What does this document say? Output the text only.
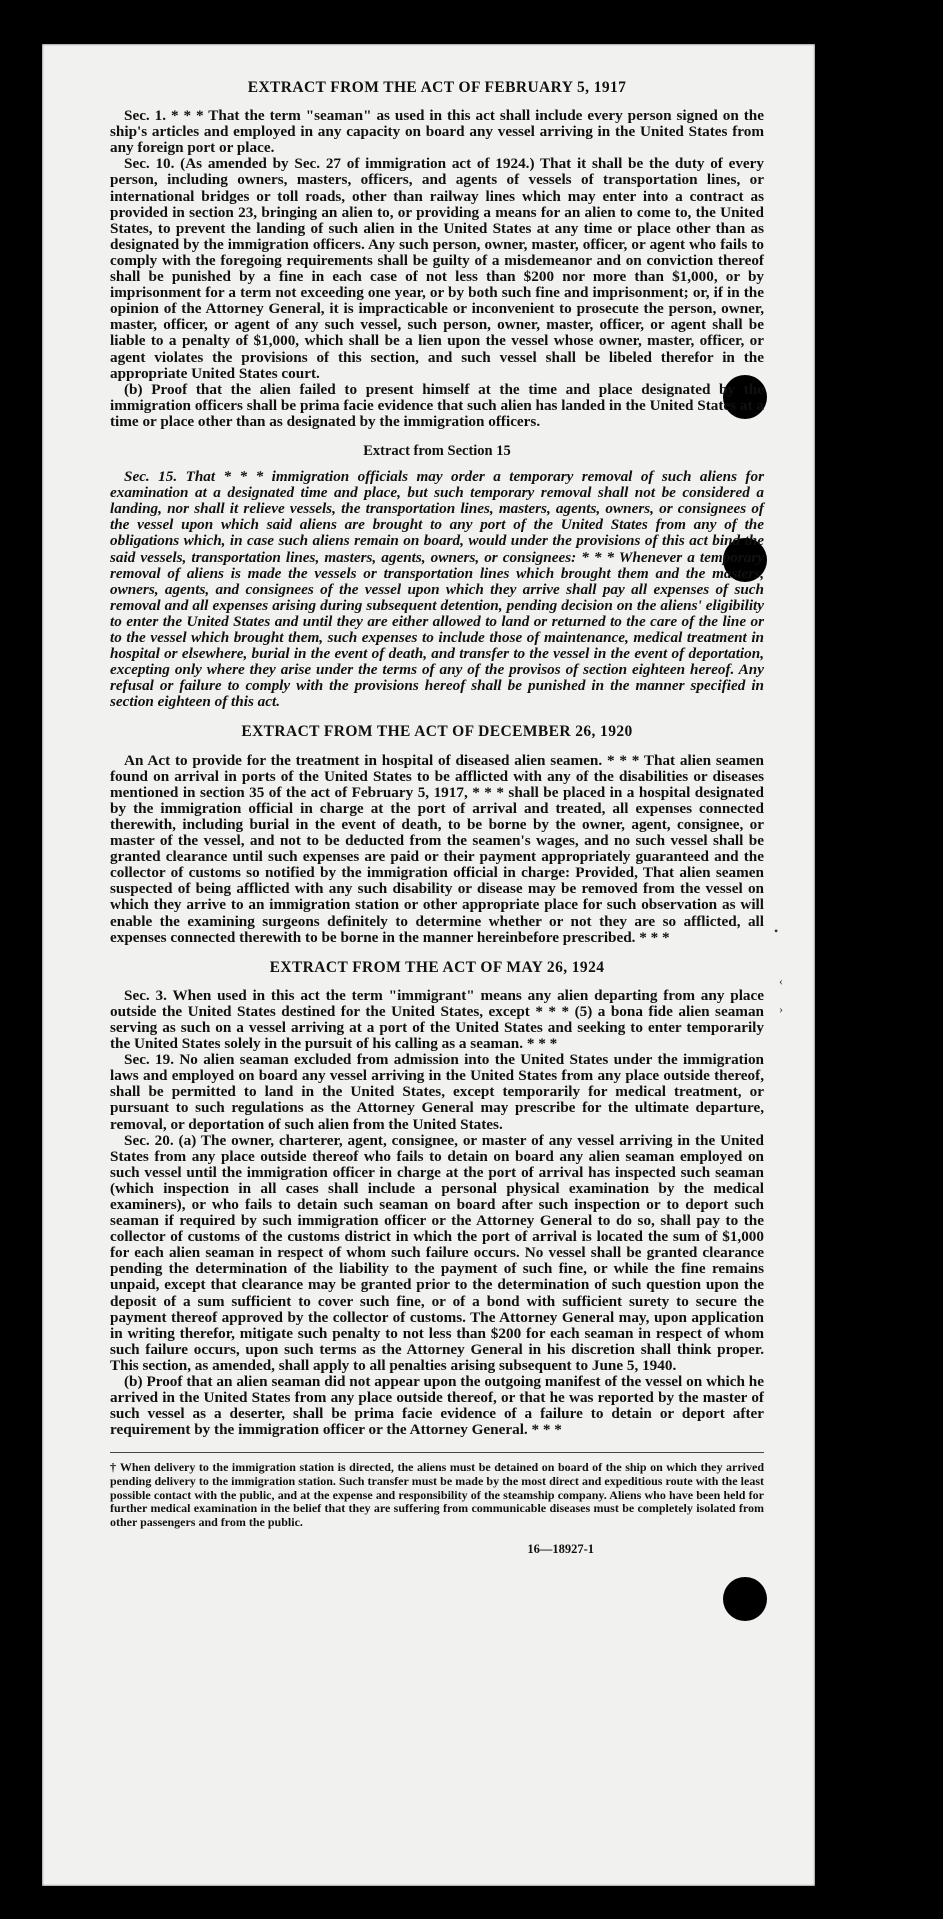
•
‹
›
EXTRACT FROM THE ACT OF FEBRUARY 5, 1917

Sec. 1. * * * That the term "seaman" as used in this act shall include every person signed on the ship's articles and employed in any capacity on board any vessel arriving in the United States from any foreign port or place.

Sec. 10. (As amended by Sec. 27 of immigration act of 1924.) That it shall be the duty of every person, including owners, masters, officers, and agents of vessels of transportation lines, or international bridges or toll roads, other than railway lines which may enter into a contract as provided in section 23, bringing an alien to, or providing a means for an alien to come to, the United States, to prevent the landing of such alien in the United States at any time or place other than as designated by the immigration officers. Any such person, owner, master, officer, or agent who fails to comply with the foregoing requirements shall be guilty of a misdemeanor and on conviction thereof shall be punished by a fine in each case of not less than $200 nor more than $1,000, or by imprisonment for a term not exceeding one year, or by both such fine and imprisonment; or, if in the opinion of the Attorney General, it is impracticable or inconvenient to prosecute the person, owner, master, officer, or agent of any such vessel, such person, owner, master, officer, or agent shall be liable to a penalty of $1,000, which shall be a lien upon the vessel whose owner, master, officer, or agent violates the provisions of this section, and such vessel shall be libeled therefor in the appropriate United States court.

(b) Proof that the alien failed to present himself at the time and place designated by the immigration officers shall be prima facie evidence that such alien has landed in the United States at a time or place other than as designated by the immigration officers.

Extract from Section 15

Sec. 15. That * * * immigration officials may order a temporary removal of such aliens for examination at a designated time and place, but such temporary removal shall not be considered a landing, nor shall it relieve vessels, the transportation lines, masters, agents, owners, or consignees of the vessel upon which said aliens are brought to any port of the United States from any of the obligations which, in case such aliens remain on board, would under the provisions of this act bind the said vessels, transportation lines, masters, agents, owners, or consignees: * * * Whenever a temporary removal of aliens is made the vessels or transportation lines which brought them and the masters, owners, agents, and consignees of the vessel upon which they arrive shall pay all expenses of such removal and all expenses arising during subsequent detention, pending decision on the aliens' eligibility to enter the United States and until they are either allowed to land or returned to the care of the line or to the vessel which brought them, such expenses to include those of maintenance, medical treatment in hospital or elsewhere, burial in the event of death, and transfer to the vessel in the event of deportation, excepting only where they arise under the terms of any of the provisos of section eighteen hereof. Any refusal or failure to comply with the provisions hereof shall be punished in the manner specified in section eighteen of this act.

EXTRACT FROM THE ACT OF DECEMBER 26, 1920

An Act to provide for the treatment in hospital of diseased alien seamen. * * * That alien seamen found on arrival in ports of the United States to be afflicted with any of the disabilities or diseases mentioned in section 35 of the act of February 5, 1917, * * * shall be placed in a hospital designated by the immigration official in charge at the port of arrival and treated, all expenses connected therewith, including burial in the event of death, to be borne by the owner, agent, consignee, or master of the vessel, and not to be deducted from the seamen's wages, and no such vessel shall be granted clearance until such expenses are paid or their payment appropriately guaranteed and the collector of customs so notified by the immigration official in charge: Provided, That alien seamen suspected of being afflicted with any such disability or disease may be removed from the vessel on which they arrive to an immigration station or other appropriate place for such observation as will enable the examining surgeons definitely to determine whether or not they are so afflicted, all expenses connected therewith to be borne in the manner hereinbefore prescribed. * * *

EXTRACT FROM THE ACT OF MAY 26, 1924

Sec. 3. When used in this act the term "immigrant" means any alien departing from any place outside the United States destined for the United States, except * * * (5) a bona fide alien seaman serving as such on a vessel arriving at a port of the United States and seeking to enter temporarily the United States solely in the pursuit of his calling as a seaman. * * *

Sec. 19. No alien seaman excluded from admission into the United States under the immigration laws and employed on board any vessel arriving in the United States from any place outside thereof, shall be permitted to land in the United States, except temporarily for medical treatment, or pursuant to such regulations as the Attorney General may prescribe for the ultimate departure, removal, or deportation of such alien from the United States.

Sec. 20. (a) The owner, charterer, agent, consignee, or master of any vessel arriving in the United States from any place outside thereof who fails to detain on board any alien seaman employed on such vessel until the immigration officer in charge at the port of arrival has inspected such seaman (which inspection in all cases shall include a personal physical examination by the medical examiners), or who fails to detain such seaman on board after such inspection or to deport such seaman if required by such immigration officer or the Attorney General to do so, shall pay to the collector of customs of the customs district in which the port of arrival is located the sum of $1,000 for each alien seaman in respect of whom such failure occurs. No vessel shall be granted clearance pending the determination of the liability to the payment of such fine, or while the fine remains unpaid, except that clearance may be granted prior to the determination of such question upon the deposit of a sum sufficient to cover such fine, or of a bond with sufficient surety to secure the payment thereof approved by the collector of customs. The Attorney General may, upon application in writing therefor, mitigate such penalty to not less than $200 for each seaman in respect of whom such failure occurs, upon such terms as the Attorney General in his discretion shall think proper. This section, as amended, shall apply to all penalties arising subsequent to June 5, 1940.

(b) Proof that an alien seaman did not appear upon the outgoing manifest of the vessel on which he arrived in the United States from any place outside thereof, or that he was reported by the master of such vessel as a deserter, shall be prima facie evidence of a failure to detain or deport after requirement by the immigration officer or the Attorney General. * * *

† When delivery to the immigration station is directed, the aliens must be detained on board of the ship on which they arrived pending delivery to the immigration station. Such transfer must be made by the most direct and expeditious route with the least possible contact with the public, and at the expense and responsibility of the steamship company. Aliens who have been held for further medical examination in the belief that they are suffering from communicable diseases must be completely isolated from other passengers and from the public.
16—18927-1
